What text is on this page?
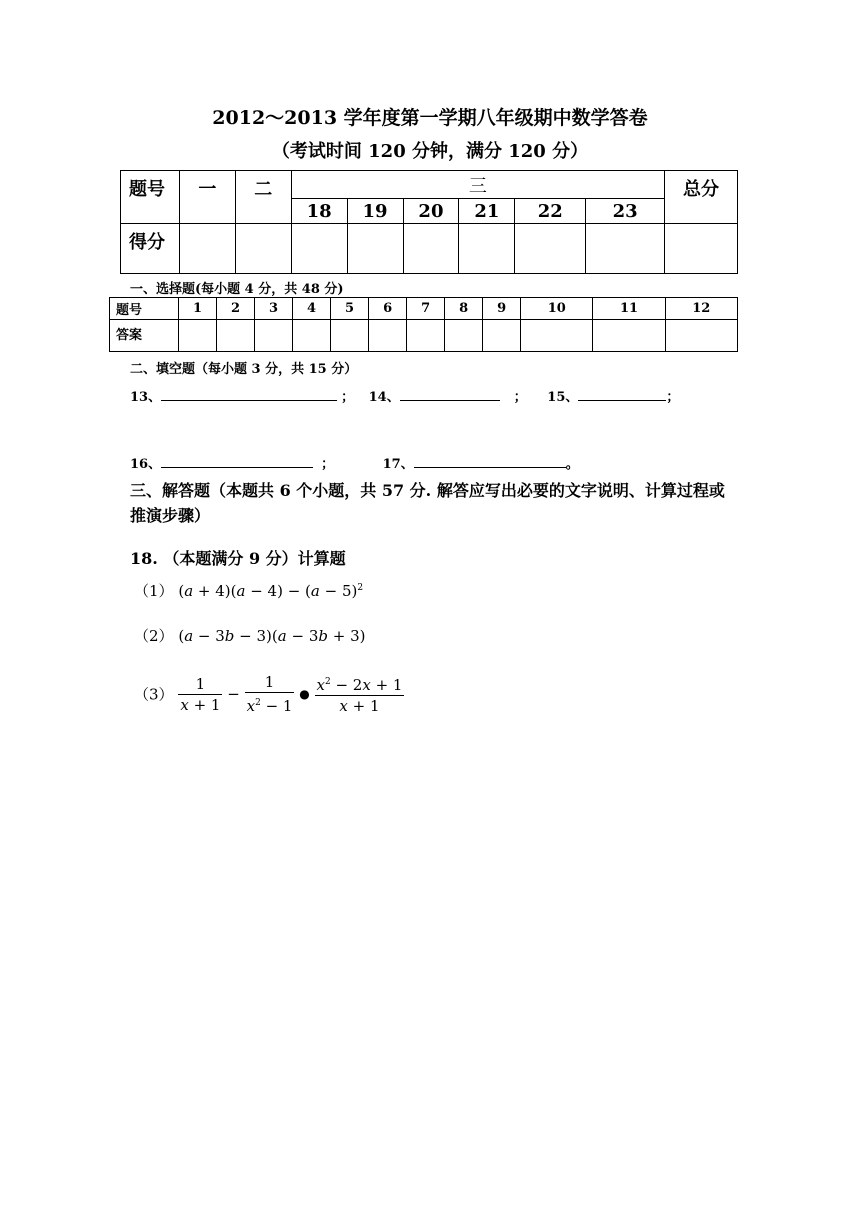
2012～2013 学年度第一学期八年级期中数学答卷
（考试时间 120 分钟，满分 120 分）
题号	一	二	三						总分
			18	19	20	21	22	23	
得分									
一、选择题(每小题 4 分，共 48 分)
题号	1	2	3	4	5	6	7	8	9	10	11	12
答案												
二、填空题（每小题 3 分，共 15 分）
13、	； 14、	； 15、	；
16、	；	17、	。
三、解答题（本题共 6 个小题，共 57 分. 解答应写出必要的文字说明、计算过程或推演步骤）
18. （本题满分 9 分）计算题
（1） $(a + 4)(a - 4) - (a - 5)^2$
（2） (a − 3b − 3)(a − 3b + 3)
$(3) \frac{1}{x + 1} - \frac{1}{x^2 - 1}$ ● $\frac{x^2 - 2x + 1}{x + 1}$
